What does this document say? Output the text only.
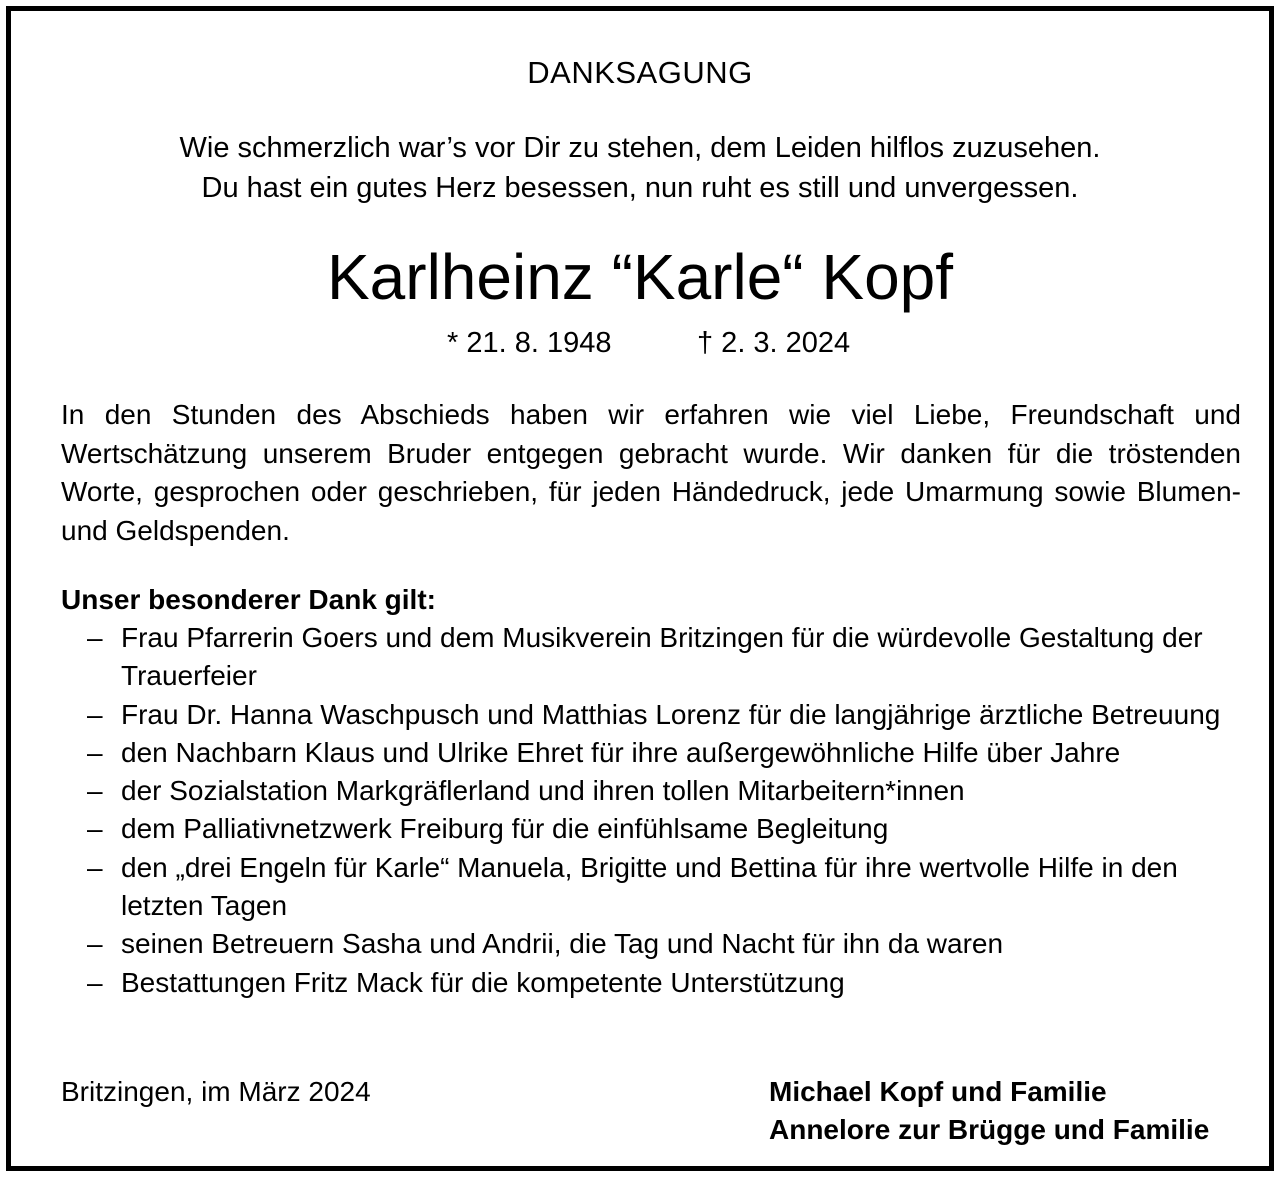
DANKSAGUNG
Wie schmerzlich war’s vor Dir zu stehen, dem Leiden hilflos zuzusehen.
Du hast ein gutes Herz besessen, nun ruht es still und unvergessen.
Karlheinz “Karle“ Kopf
* 21. 8. 1948	† 2. 3. 2024
In den Stunden des Abschieds haben wir erfahren wie viel Liebe, Freundschaft und Wertschätzung unserem Bruder entgegen gebracht wurde. Wir danken für die tröstenden Worte, gesprochen oder geschrieben, für jeden Händedruck, jede Umarmung sowie Blumen- und Geldspenden.
Unser besonderer Dank gilt:
– Frau Pfarrerin Goers und dem Musikverein Britzingen für die würdevolle Gestaltung der Trauerfeier
– Frau Dr. Hanna Waschpusch und Matthias Lorenz für die langjährige ärztliche Betreuung
– den Nachbarn Klaus und Ulrike Ehret für ihre außergewöhnliche Hilfe über Jahre
– der Sozialstation Markgräflerland und ihren tollen Mitarbeitern*innen
– dem Palliativnetzwerk Freiburg für die einfühlsame Begleitung
– den „drei Engeln für Karle“ Manuela, Brigitte und Bettina für ihre wertvolle Hilfe in den letzten Tagen
– seinen Betreuern Sasha und Andrii, die Tag und Nacht für ihn da waren
– Bestattungen Fritz Mack für die kompetente Unterstützung
Britzingen, im März 2024	Michael Kopf und Familie
Annelore zur Brügge und Familie
